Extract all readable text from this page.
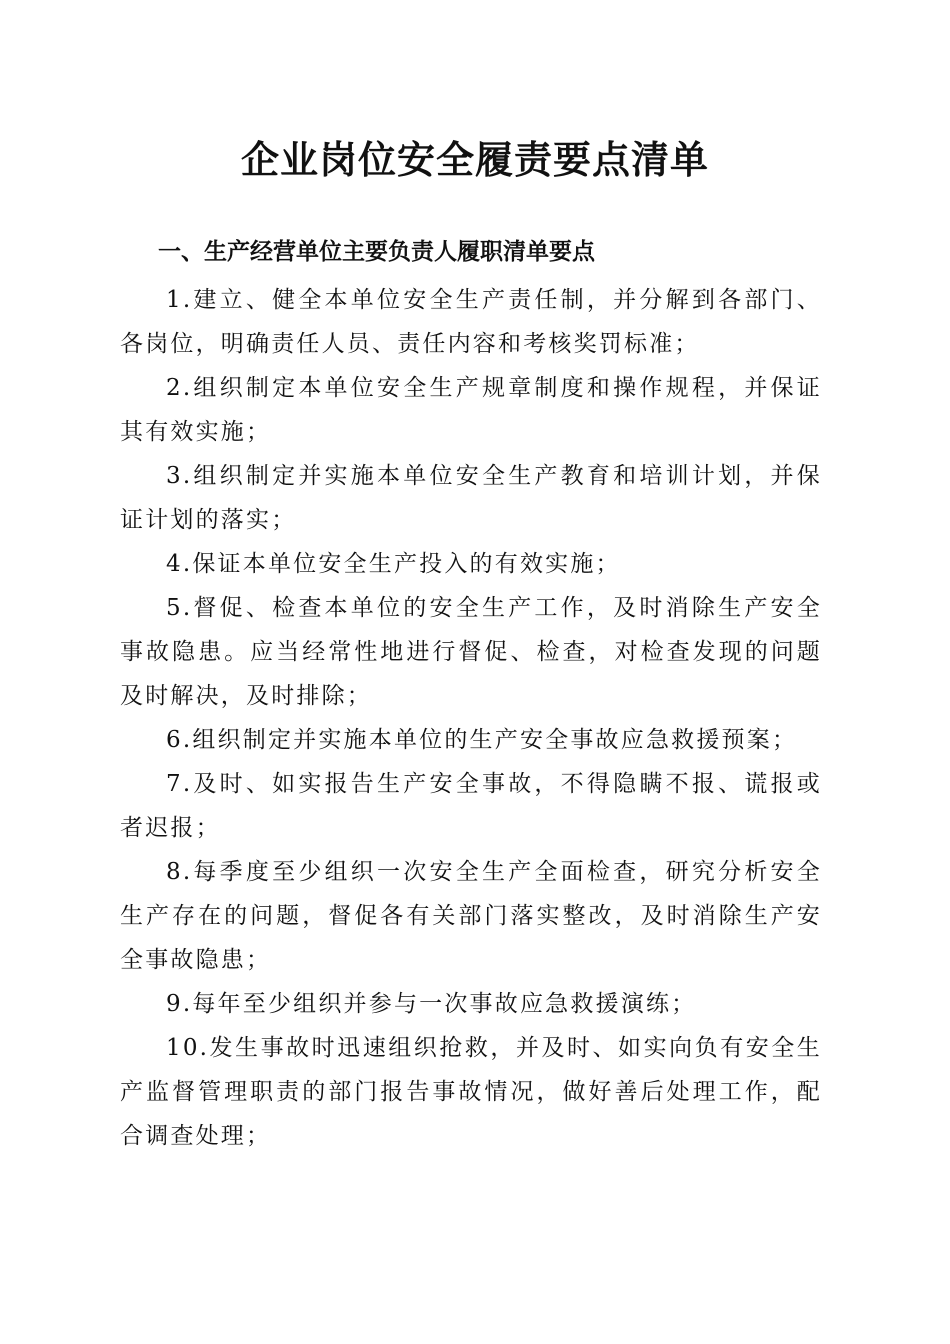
企业岗位安全履责要点清单
一、生产经营单位主要负责人履职清单要点
1.建立、健全本单位安全生产责任制，并分解到各部门、各岗位，明确责任人员、责任内容和考核奖罚标准；
2.组织制定本单位安全生产规章制度和操作规程，并保证其有效实施；
3.组织制定并实施本单位安全生产教育和培训计划，并保证计划的落实；
4.保证本单位安全生产投入的有效实施；
5.督促、检查本单位的安全生产工作，及时消除生产安全事故隐患。应当经常性地进行督促、检查，对检查发现的问题及时解决，及时排除；
6.组织制定并实施本单位的生产安全事故应急救援预案；
7.及时、如实报告生产安全事故，不得隐瞒不报、谎报或者迟报；
8.每季度至少组织一次安全生产全面检查，研究分析安全生产存在的问题，督促各有关部门落实整改，及时消除生产安全事故隐患；
9.每年至少组织并参与一次事故应急救援演练；
10.发生事故时迅速组织抢救，并及时、如实向负有安全生产监督管理职责的部门报告事故情况，做好善后处理工作，配合调查处理；
